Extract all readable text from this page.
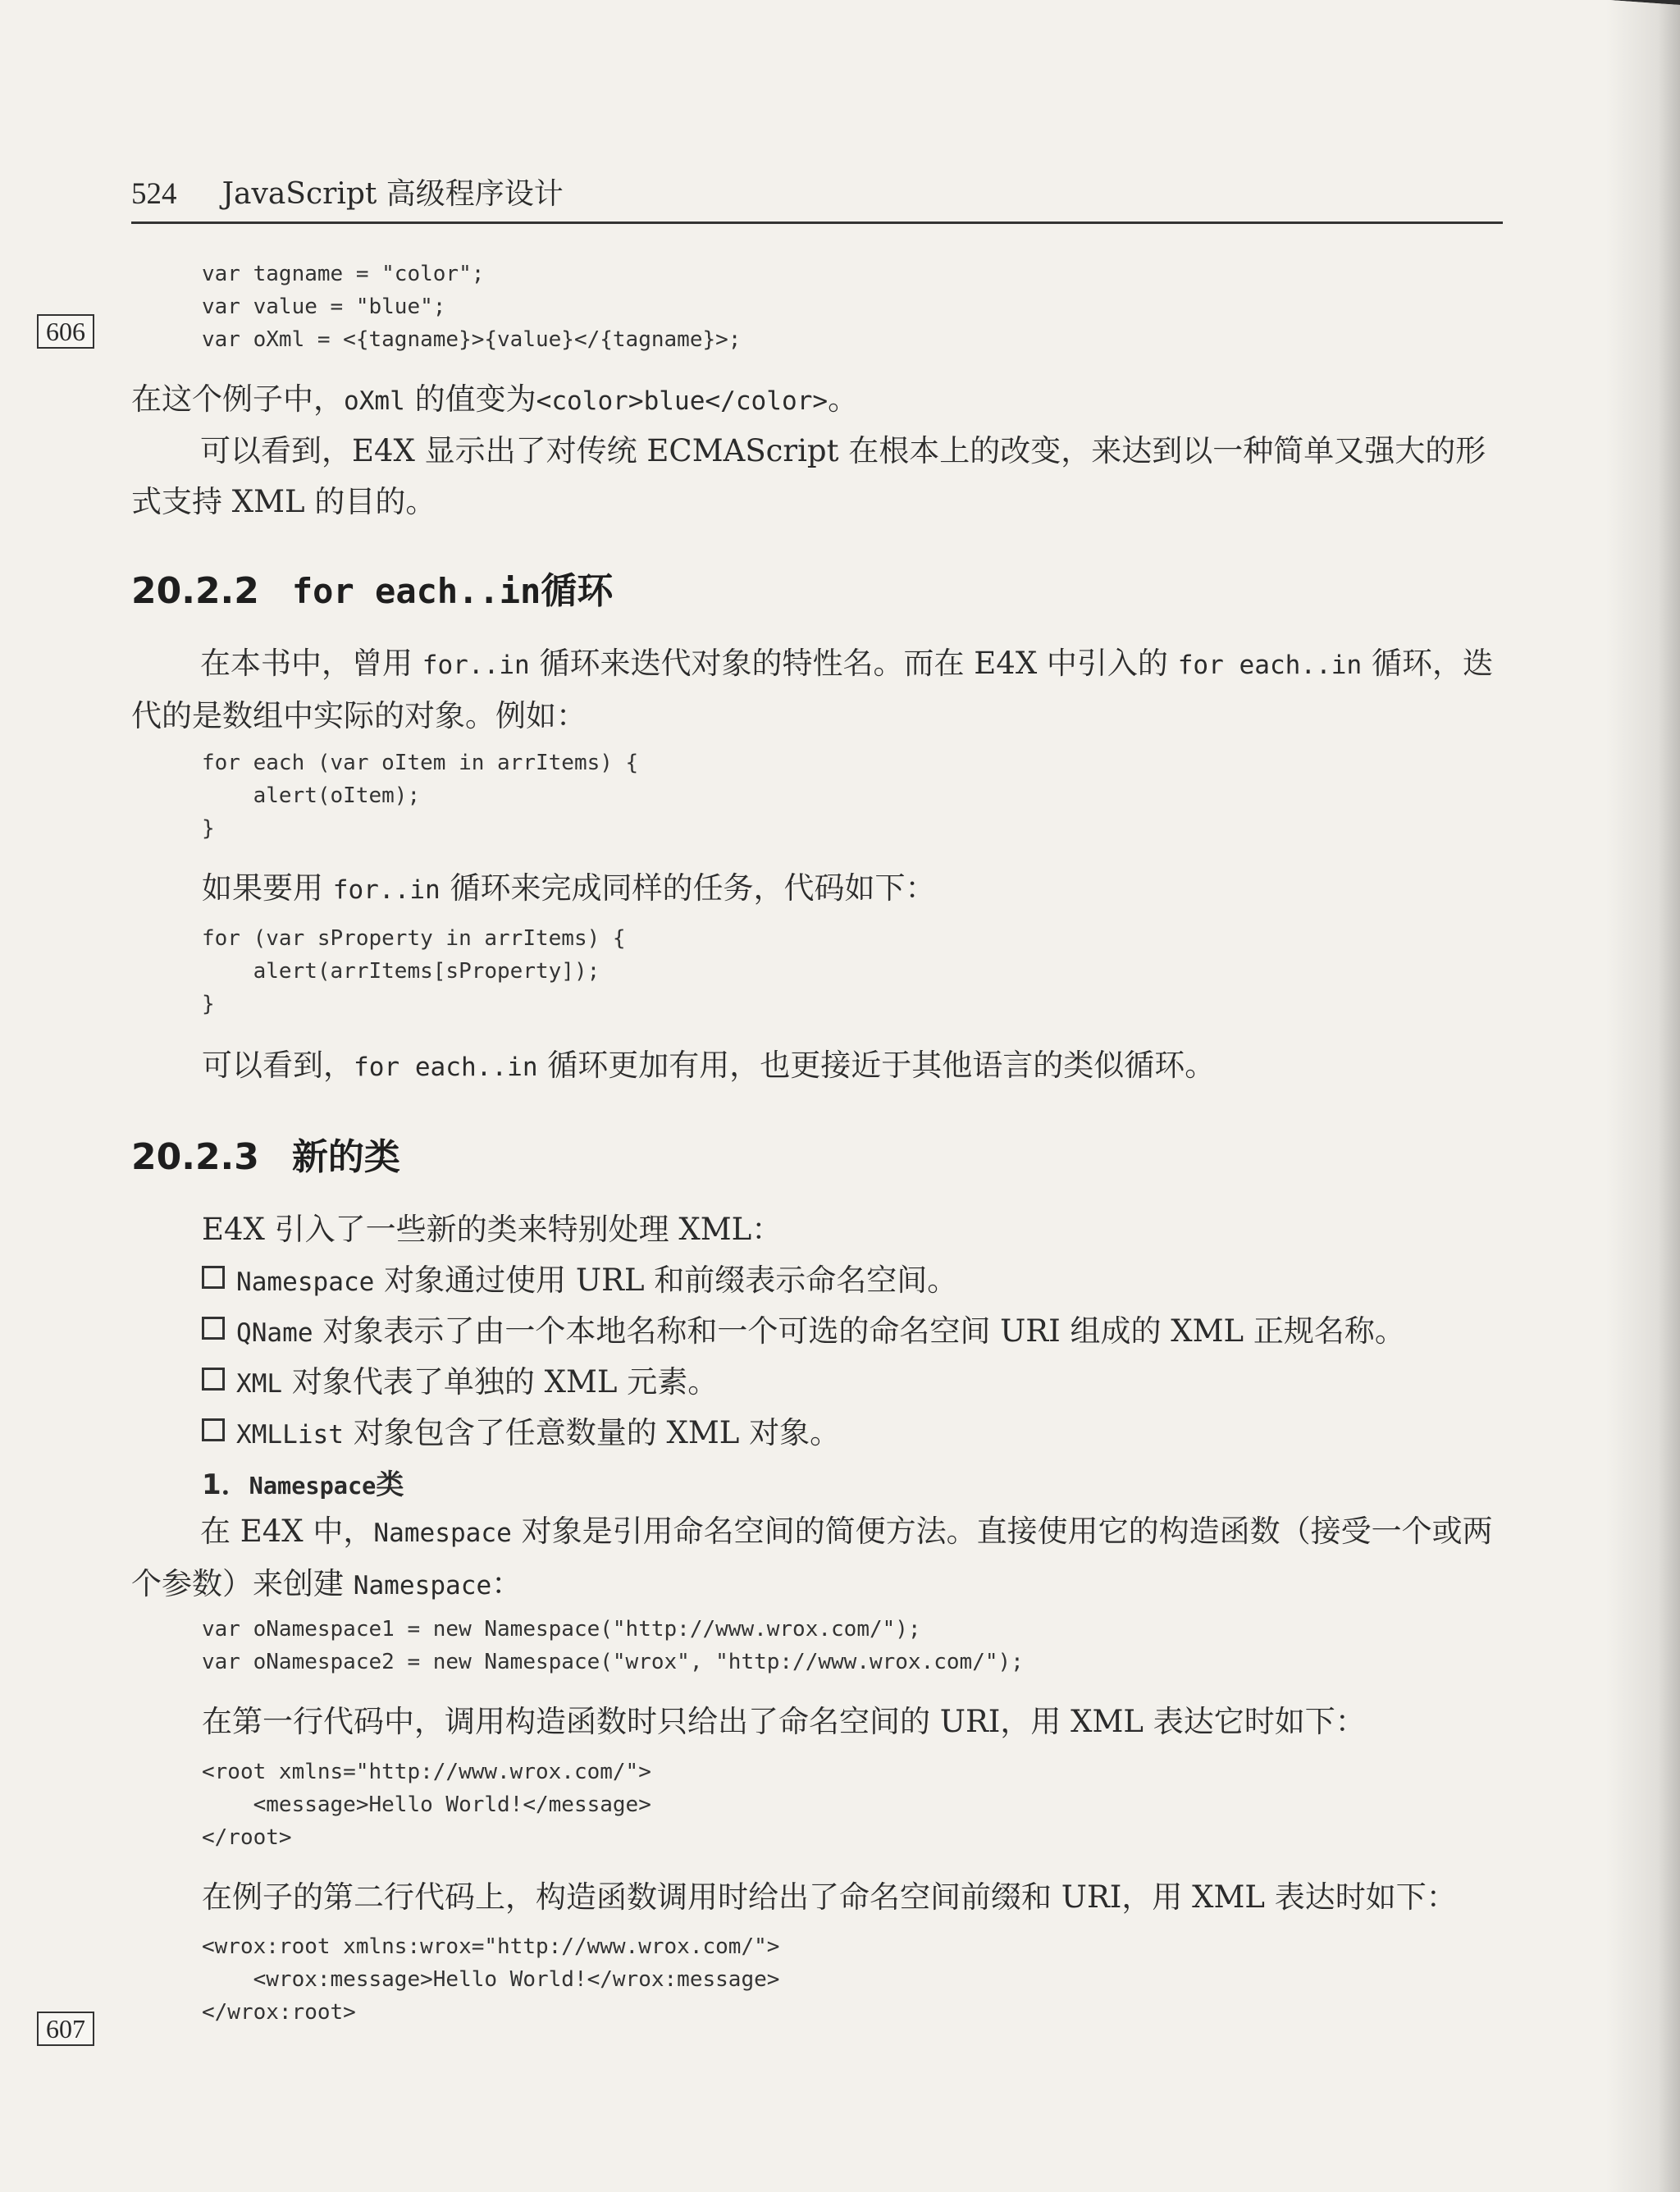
524 JavaScript 高级程序设计
606
607
var tagname = "color";
var value = "blue";
var oXml = <{tagname}>{value}</{tagname}>;
在这个例子中，oXml 的值变为<color>blue</color>。
可以看到，E4X 显示出了对传统 ECMAScript 在根本上的改变，来达到以一种简单又强大的形式支持 XML 的目的。
20.2.2 for each..in循环
在本书中，曾用 for..in 循环来迭代对象的特性名。而在 E4X 中引入的 for each..in 循环，迭代的是数组中实际的对象。例如：
for each (var oItem in arrItems) {
alert(oItem);
}
如果要用 for..in 循环来完成同样的任务，代码如下：
for (var sProperty in arrItems) {
alert(arrItems[sProperty]);
}
可以看到，for each..in 循环更加有用，也更接近于其他语言的类似循环。
20.2.3 新的类
E4X 引入了一些新的类来特别处理 XML：
Namespace 对象通过使用 URL 和前缀表示命名空间。
QName 对象表示了由一个本地名称和一个可选的命名空间 URI 组成的 XML 正规名称。
XML 对象代表了单独的 XML 元素。
XMLList 对象包含了任意数量的 XML 对象。
1．Namespace类
在 E4X 中，Namespace 对象是引用命名空间的简便方法。直接使用它的构造函数（接受一个或两个参数）来创建 Namespace：
var oNamespace1 = new Namespace("http://www.wrox.com/");
var oNamespace2 = new Namespace("wrox", "http://www.wrox.com/");
在第一行代码中，调用构造函数时只给出了命名空间的 URI，用 XML 表达它时如下：
<root xmlns="http://www.wrox.com/">
<message>Hello World!</message>
</root>
在例子的第二行代码上，构造函数调用时给出了命名空间前缀和 URI，用 XML 表达时如下：
<wrox:root xmlns:wrox="http://www.wrox.com/">
<wrox:message>Hello World!</wrox:message>
</wrox:root>
